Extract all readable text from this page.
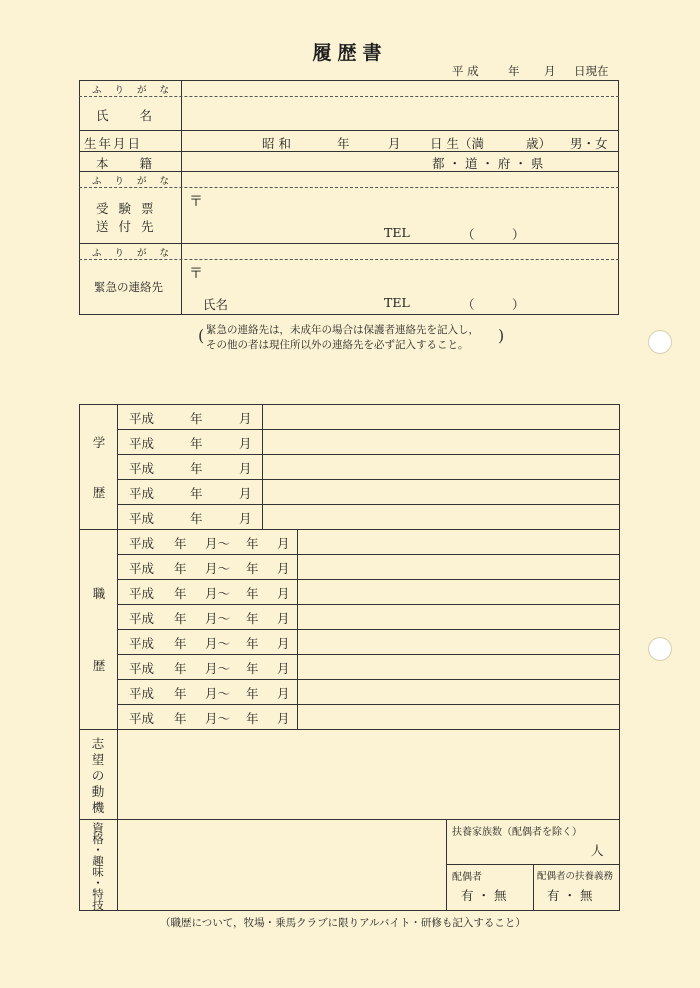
履歴書
平 成	年 月 日現在
ふ り が な
氏　　名
生年月日	昭 和	年	月 日 生（満	歳） 男・女
本　　籍	都 ・ 道 ・ 府 ・ 県
ふ り が な
受 験 票
送 付 先
〒
TEL	（　　　）
ふ り が な
緊急の連絡先
〒
氏名	TEL	（　　　）
( 緊急の連絡先は，未成年の場合は保護者連絡先を記入し，
その他の者は現住所以外の連絡先を必ず記入すること。 )
学
歴
平成	年	月
平成	年	月
平成	年	月
平成	年	月
平成	年	月
職
歴
平成 年 月～ 年 月
平成 年 月～ 年 月
平成 年 月～ 年 月
平成 年 月～ 年 月
平成 年 月～ 年 月
平成 年 月～ 年 月
平成 年 月～ 年 月
平成 年 月～ 年 月
志
望
の
動
機
資
格
・
趣
味
・
特
技
扶養家族数（配偶者を除く）
人
配偶者
有 ・ 無
配偶者の扶養義務
有 ・ 無
（職歴について，牧場・乗馬クラブに限りアルバイト・研修も記入すること）
